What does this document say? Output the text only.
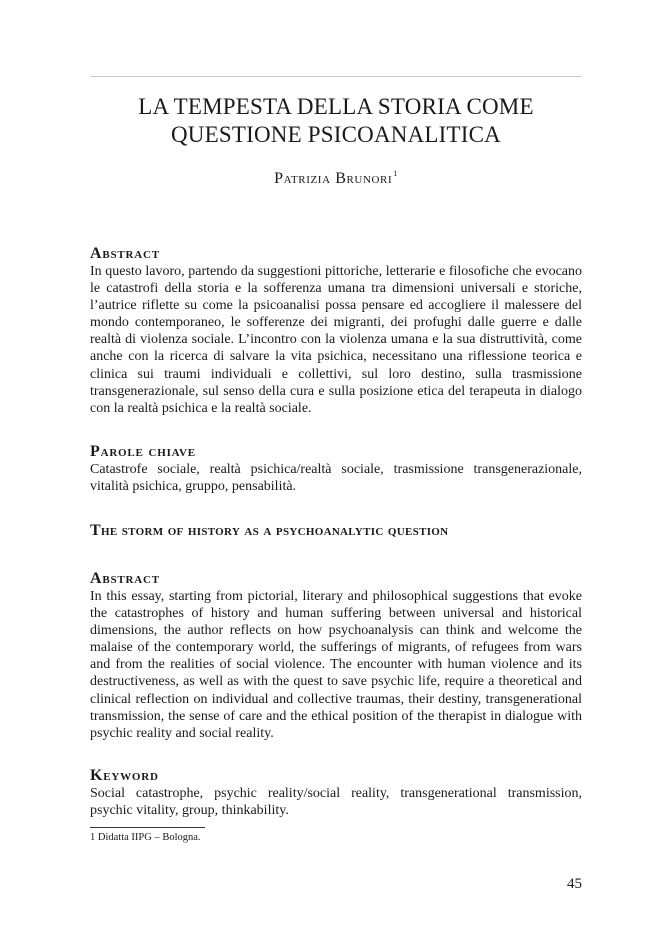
LA TEMPESTA DELLA STORIA COME
QUESTIONE PSICOANALITICA
Patrizia Brunori$^1$
Abstract

In questo lavoro, partendo da suggestioni pittoriche, letterarie e filosofiche che evocano le catastrofi della storia e la sofferenza umana tra dimensioni universali e storiche, l’autrice riflette su come la psicoanalisi possa pensare ed accogliere il malessere del mondo contemporaneo, le sofferenze dei migranti, dei profughi dalle guerre e dalle realtà di violenza sociale. L’incontro con la violenza umana e la sua distruttività, come anche con la ricerca di salvare la vita psichica, necessitano una riflessione teorica e clinica sui traumi individuali e collettivi, sul loro destino, sulla trasmissione transgenerazionale, sul senso della cura e sulla posizione etica del terapeuta in dialogo con la realtà psichica e la realtà sociale.

Parole chiave

Catastrofe sociale, realtà psichica/realtà sociale, trasmissione transgenerazionale, vitalità psichica, gruppo, pensabilità.

The storm of history as a psychoanalytic question
Abstract

In this essay, starting from pictorial, literary and philosophical suggestions that evoke the catastrophes of history and human suffering between universal and historical dimensions, the author reflects on how psychoanalysis can think and welcome the malaise of the contemporary world, the sufferings of migrants, of refugees from wars and from the realities of social violence. The encounter with human violence and its destructiveness, as well as with the quest to save psychic life, require a theoretical and clinical reflection on individual and collective traumas, their destiny, transgenerational transmission, the sense of care and the ethical position of the therapist in dialogue with psychic reality and social reality.

Keyword

Social catastrophe, psychic reality/social reality, transgenerational transmission, psychic vitality, group, thinkability.

1 Didatta IIPG – Bologna.
45
